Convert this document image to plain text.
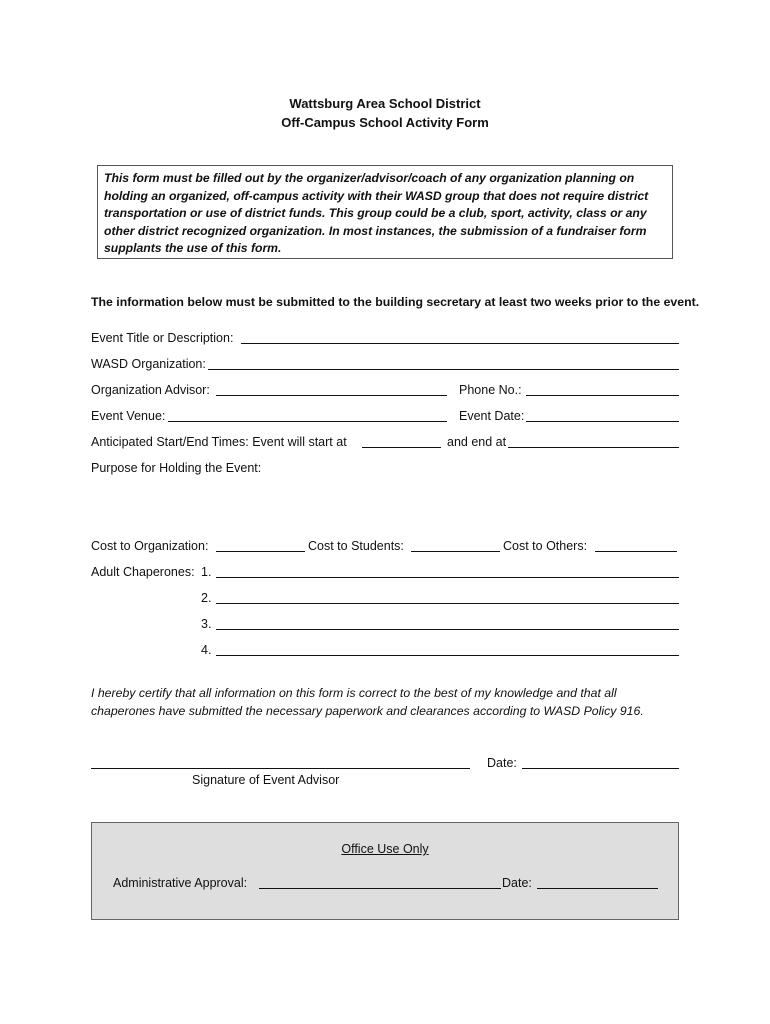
Wattsburg Area School District
Off-Campus School Activity Form

This form must be filled out by the organizer/advisor/coach of any organization planning on holding an organized, off-campus activity with their WASD group that does not require district transportation or use of district funds. This group could be a club, sport, activity, class or any other district recognized organization. In most instances, the submission of a fundraiser form supplants the use of this form.

The information below must be submitted to the building secretary at least two weeks prior to the event.
Event Title or Description:
WASD Organization:
Organization Advisor:	Phone No.:
Event Venue:	Event Date:
Anticipated Start/End Times: Event will start at	and end at
Purpose for Holding the Event:
Cost to Organization:	Cost to Students:	Cost to Others:
Adult Chaperones: 1.
2.
3.
4.
I hereby certify that all information on this form is correct to the best of my knowledge and that all chaperones have submitted the necessary paperwork and clearances according to WASD Policy 916.
Date:
Signature of Event Advisor
Office Use Only
Administrative Approval:	Date:
